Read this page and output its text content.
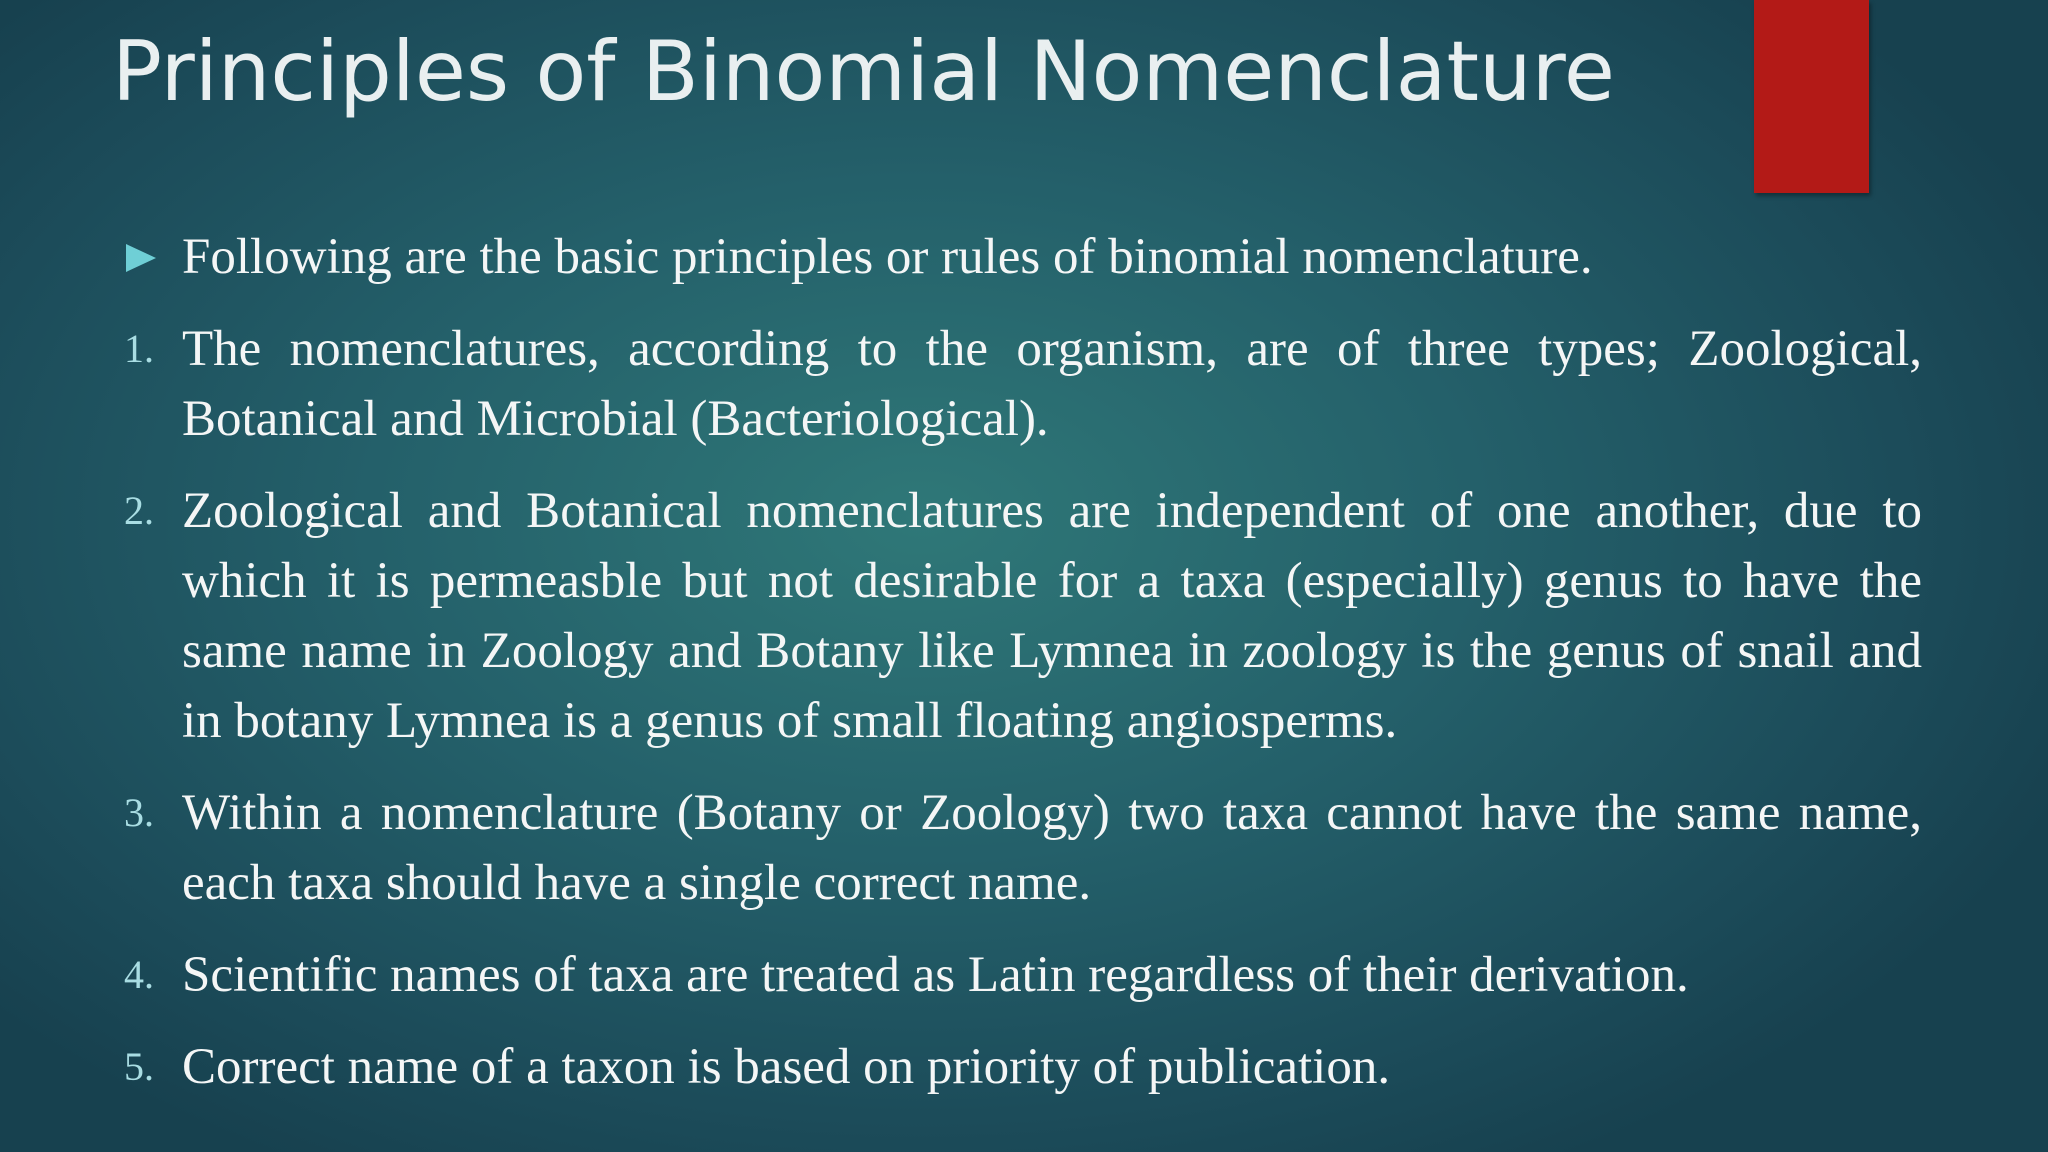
Principles of Binomial Nomenclature
Following are the basic principles or rules of binomial nomenclature.
1. The nomenclatures, according to the organism, are of three types; Zoological, Botanical and Microbial (Bacteriological).
2. Zoological and Botanical nomenclatures are independent of one another, due to which it is permeasble but not desirable for a taxa (especially) genus to have the same name in Zoology and Botany like Lymnea in zoology is the genus of snail and in botany Lymnea is a genus of small floating angiosperms.
3. Within a nomenclature (Botany or Zoology) two taxa cannot have the same name, each taxa should have a single correct name.
4. Scientific names of taxa are treated as Latin regardless of their derivation.
5. Correct name of a taxon is based on priority of publication.
